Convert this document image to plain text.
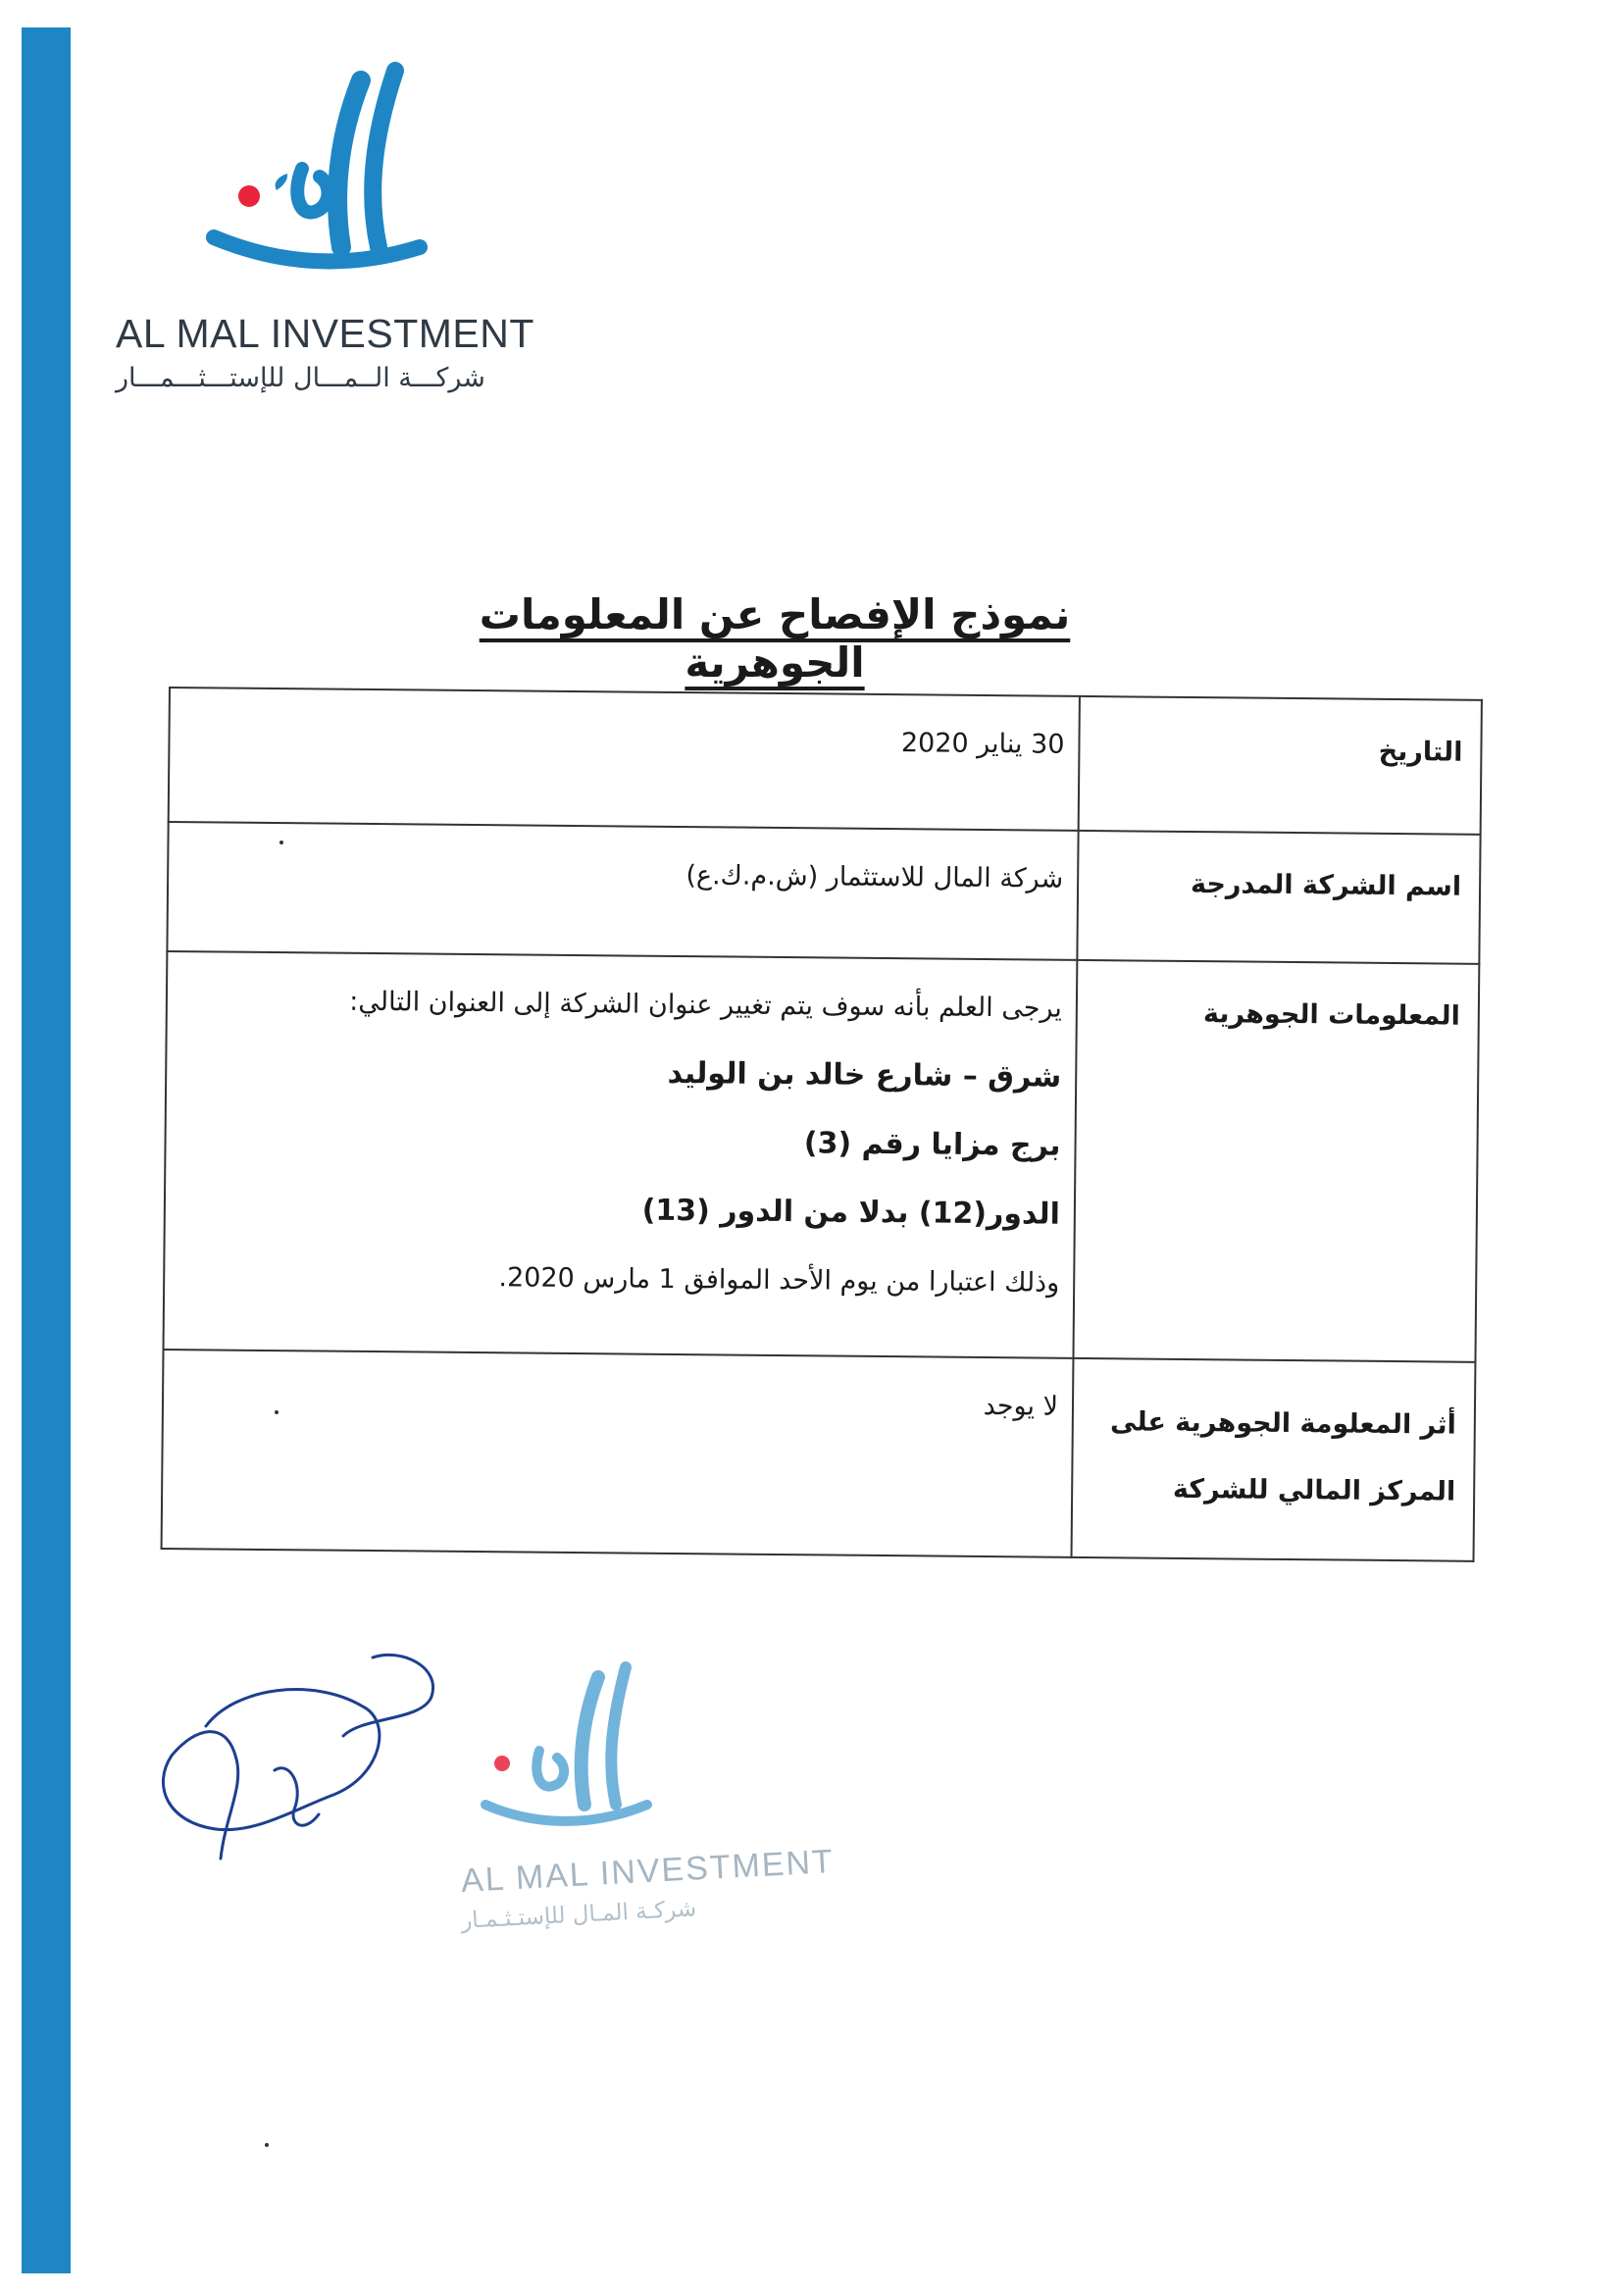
AL MAL INVESTMENT
شركـــة الــمـــال للإستـــثـــمـــار
نموذج الإفصاح عن المعلومات الجوهرية
التاريخ	30 يناير 2020
اسم الشركة المدرجة	شركة المال للاستثمار (ش.م.ك.ع)
المعلومات الجوهرية	يرجى العلم بأنه سوف يتم تغيير عنوان الشركة إلى العنوان التالي:
شرق – شارع خالد بن الوليد
برج مزايا رقم (3)
الدور(12) بدلا من الدور (13)
وذلك اعتبارا من يوم الأحد الموافق 1 مارس 2020.

أثر المعلومة الجوهرية على
المركز المالي للشركة	لا يوجد
AL MAL INVESTMENT
شركـة المـال للإستـثـمـار
